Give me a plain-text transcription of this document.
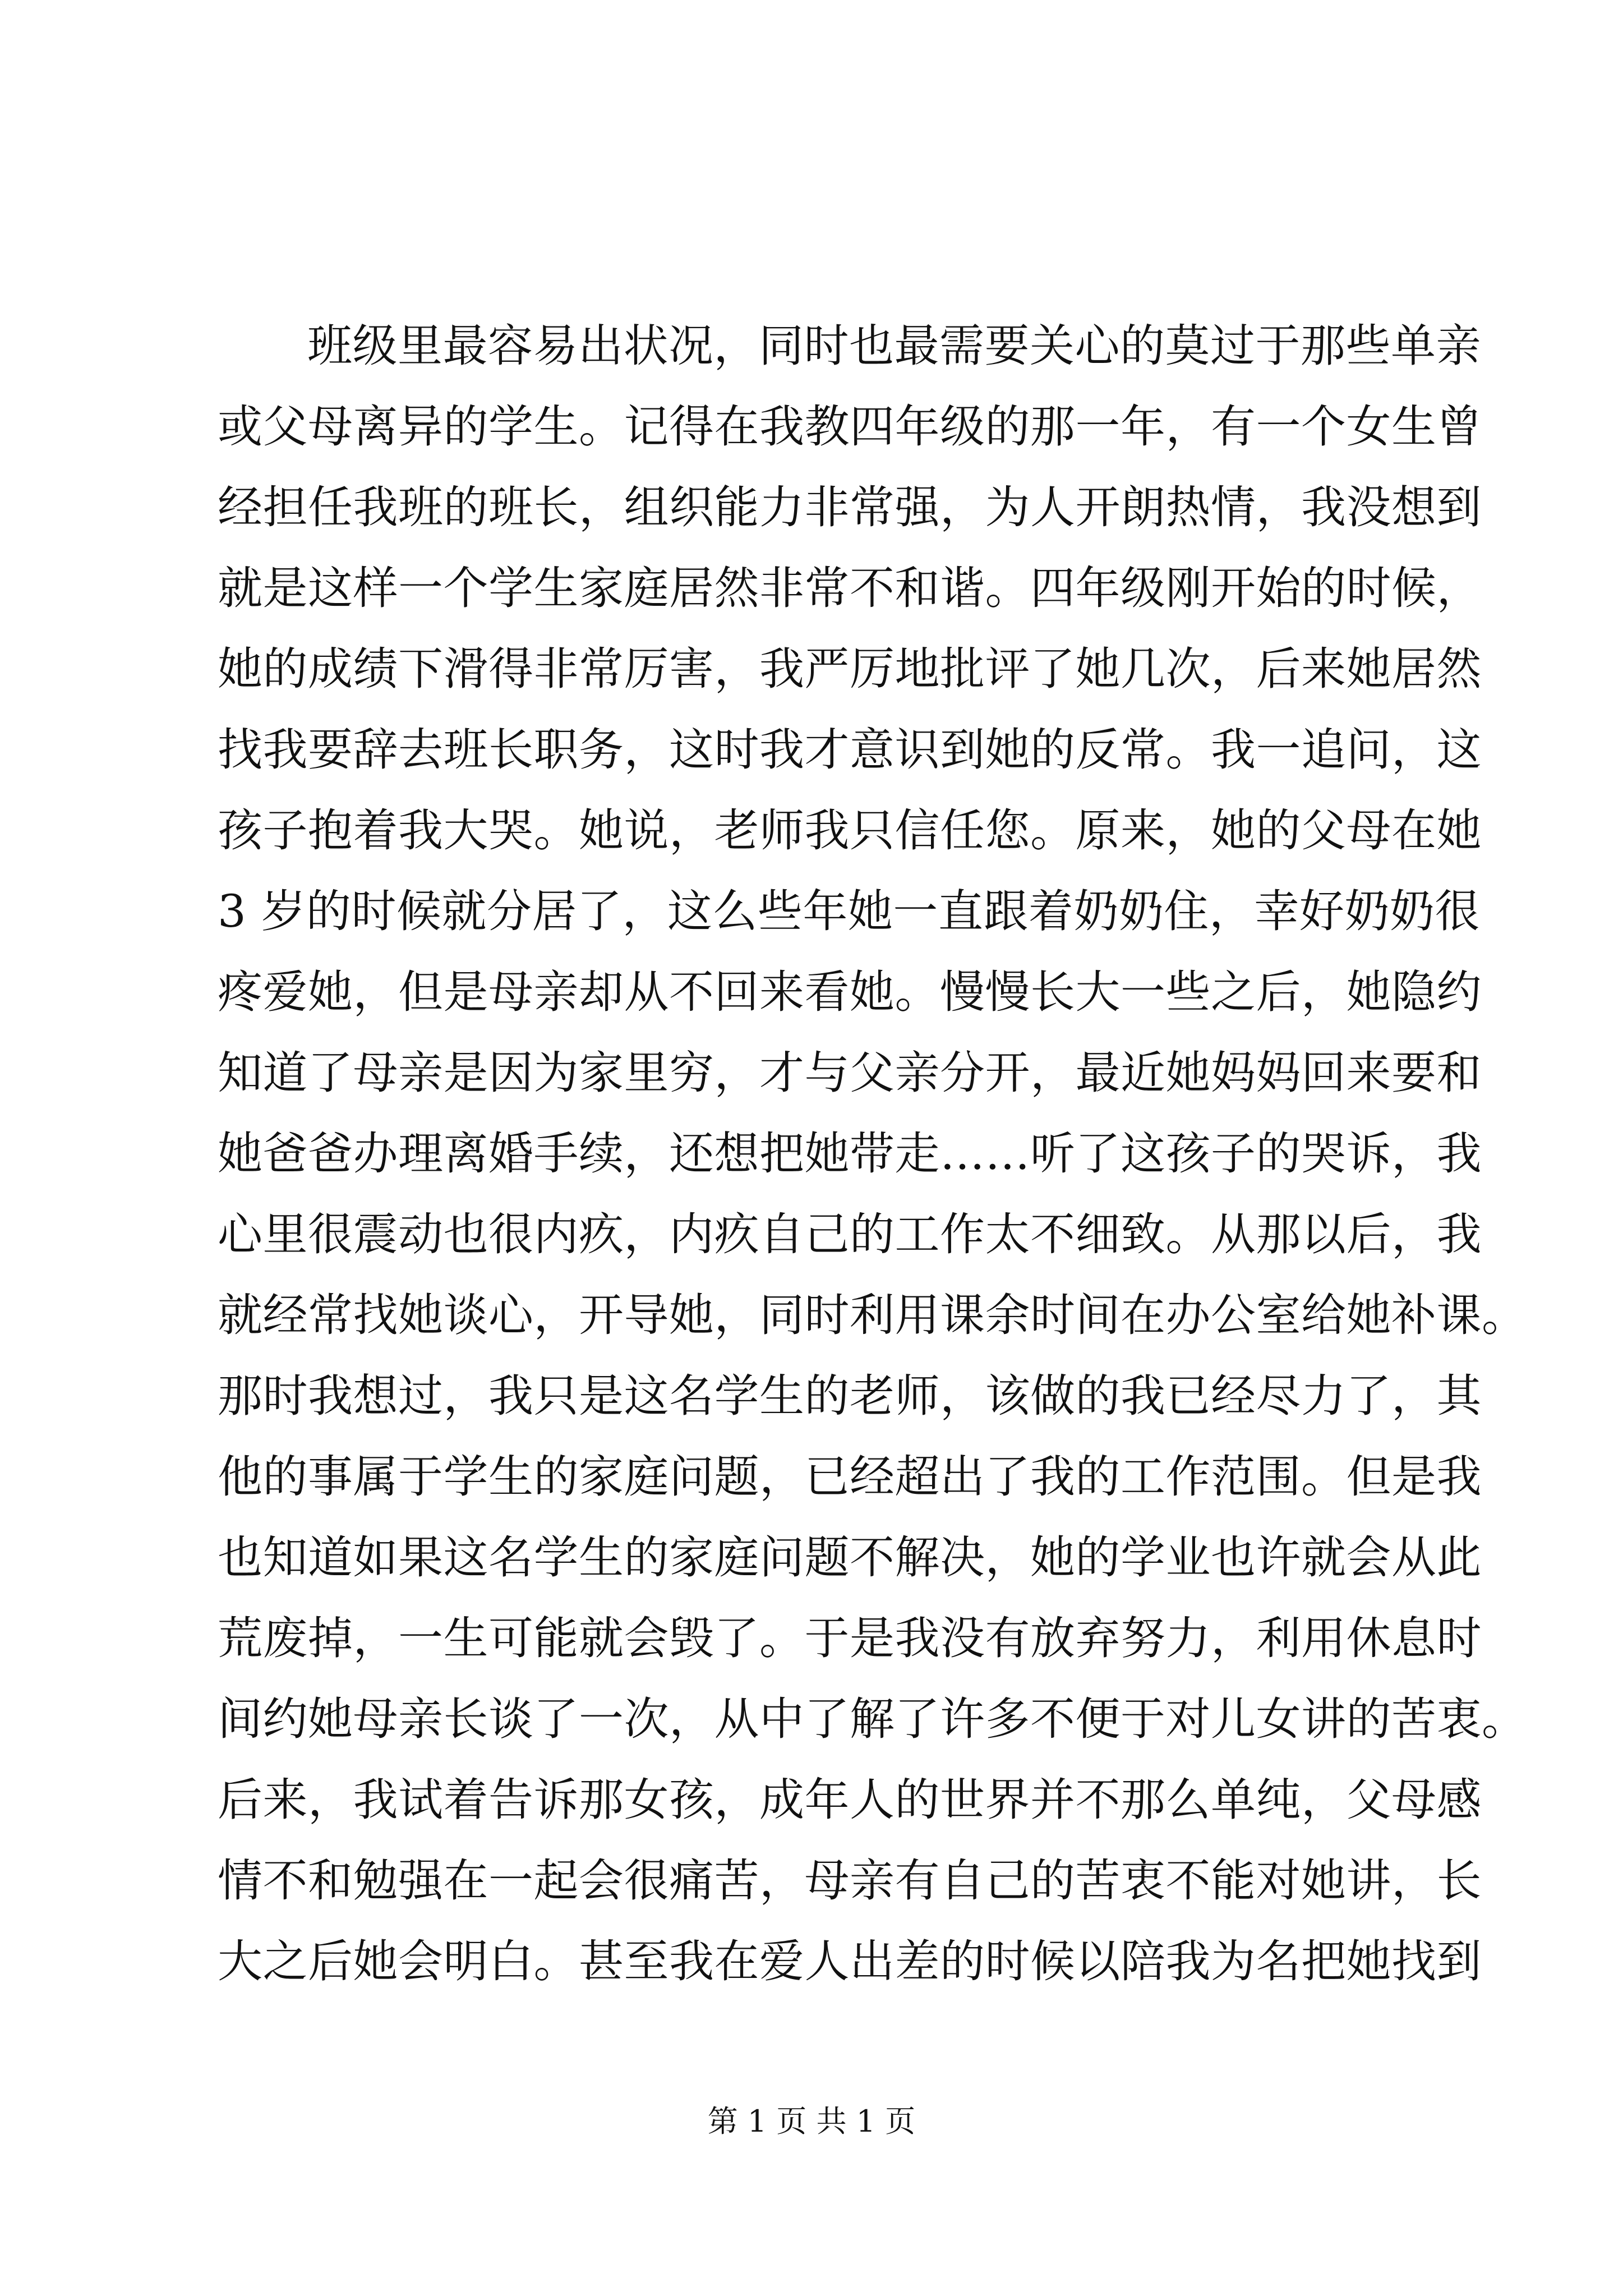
班级里最容易出状况，同时也最需要关心的莫过于那些单亲
或父母离异的学生。记得在我教四年级的那一年，有一个女生曾
经担任我班的班长，组织能力非常强，为人开朗热情，我没想到
就是这样一个学生家庭居然非常不和谐。四年级刚开始的时候，
她的成绩下滑得非常厉害，我严厉地批评了她几次，后来她居然
找我要辞去班长职务，这时我才意识到她的反常。我一追问，这
孩子抱着我大哭。她说，老师我只信任您。原来，她的父母在她
3 岁的时候就分居了，这么些年她一直跟着奶奶住，幸好奶奶很
疼爱她，但是母亲却从不回来看她。慢慢长大一些之后，她隐约
知道了母亲是因为家里穷，才与父亲分开，最近她妈妈回来要和
她爸爸办理离婚手续，还想把她带走……听了这孩子的哭诉，我
心里很震动也很内疚，内疚自己的工作太不细致。从那以后，我
就经常找她谈心，开导她，同时利用课余时间在办公室给她补课。
那时我想过，我只是这名学生的老师，该做的我已经尽力了，其
他的事属于学生的家庭问题，已经超出了我的工作范围。但是我
也知道如果这名学生的家庭问题不解决，她的学业也许就会从此
荒废掉，一生可能就会毁了。于是我没有放弃努力，利用休息时
间约她母亲长谈了一次，从中了解了许多不便于对儿女讲的苦衷。
后来，我试着告诉那女孩，成年人的世界并不那么单纯，父母感
情不和勉强在一起会很痛苦，母亲有自己的苦衷不能对她讲，长
大之后她会明白。甚至我在爱人出差的时候以陪我为名把她找到
第 1 页 共 1 页
